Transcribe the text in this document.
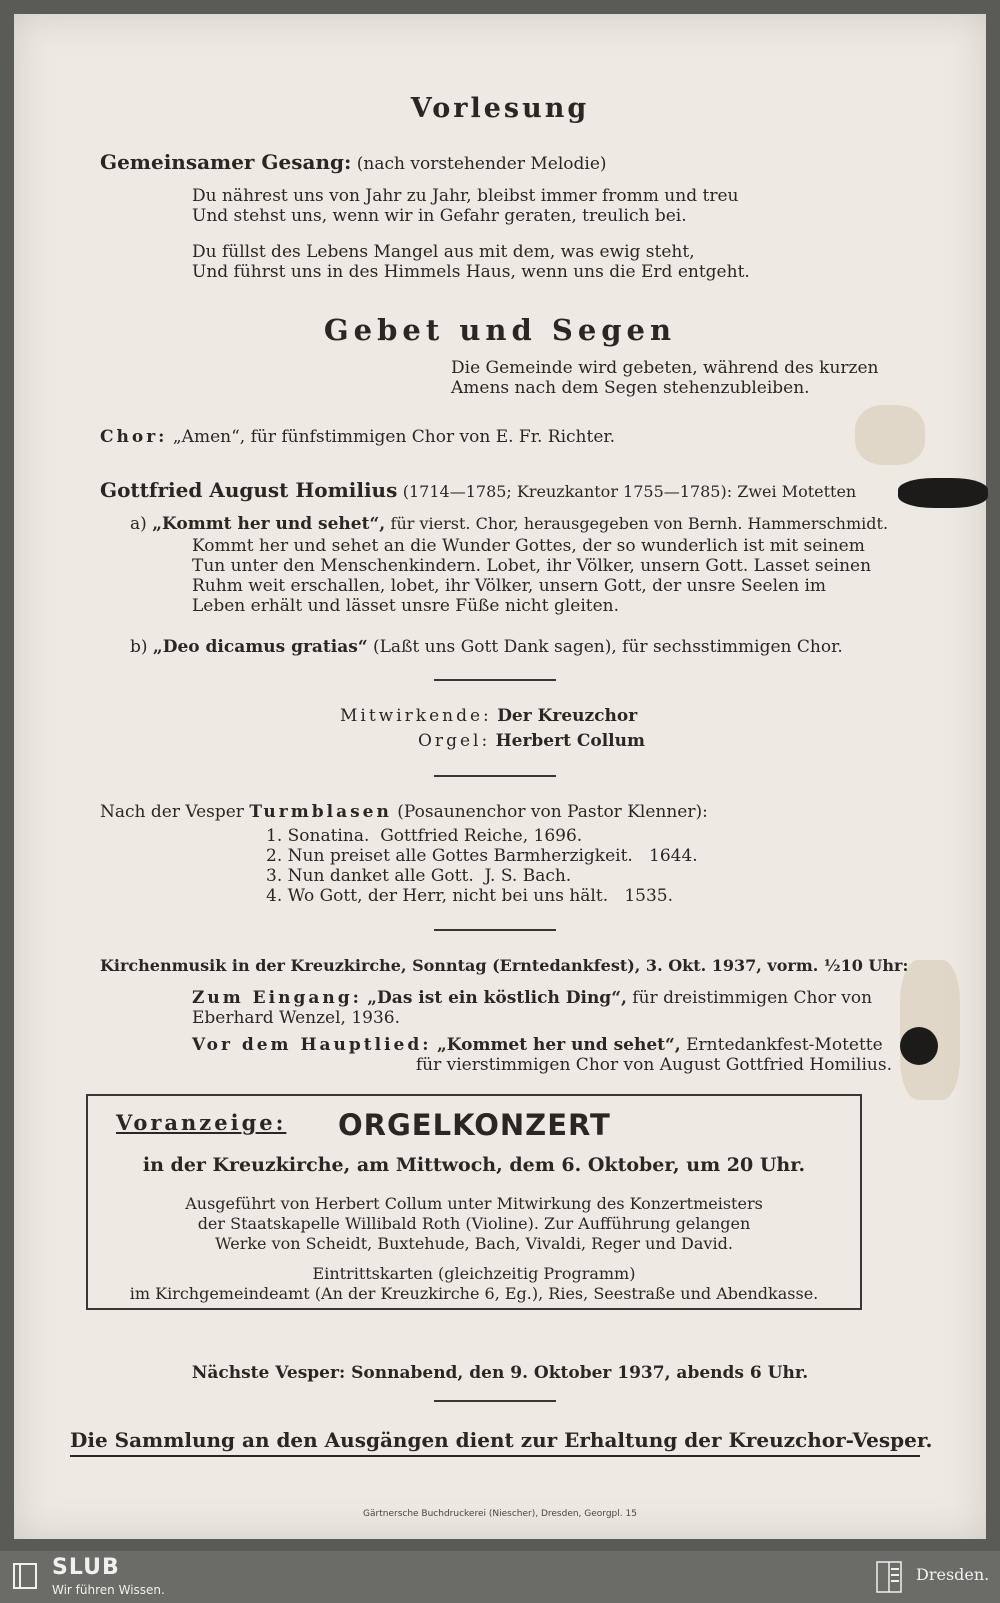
Vorlesung
Gemeinsamer Gesang: (nach vorstehender Melodie)
Du nährest uns von Jahr zu Jahr, bleibst immer fromm und treu
Und stehst uns, wenn wir in Gefahr geraten, treulich bei.
Du füllst des Lebens Mangel aus mit dem, was ewig steht,
Und führst uns in des Himmels Haus, wenn uns die Erd entgeht.
Gebet und Segen
Die Gemeinde wird gebeten, während des kurzen
Amens nach dem Segen stehenzubleiben.
Chor: „Amen“, für fünfstimmigen Chor von E. Fr. Richter.
Gottfried August Homilius (1714—1785; Kreuzkantor 1755—1785): Zwei Motetten
a) „Kommt her und sehet“, für vierst. Chor, herausgegeben von Bernh. Hammerschmidt.
Kommt her und sehet an die Wunder Gottes, der so wunderlich ist mit seinem
Tun unter den Menschenkindern. Lobet, ihr Völker, unsern Gott. Lasset seinen
Ruhm weit erschallen, lobet, ihr Völker, unsern Gott, der unsre Seelen im
Leben erhält und lässet unsre Füße nicht gleiten.
b) „Deo dicamus gratias“ (Laßt uns Gott Dank sagen), für sechsstimmigen Chor.
Mitwirkende: Der Kreuzchor
Orgel: Herbert Collum
Nach der Vesper Turmblasen (Posaunenchor von Pastor Klenner):
1. Sonatina. Gottfried Reiche, 1696.
2. Nun preiset alle Gottes Barmherzigkeit. 1644.
3. Nun danket alle Gott. J. S. Bach.
4. Wo Gott, der Herr, nicht bei uns hält. 1535.
Kirchenmusik in der Kreuzkirche, Sonntag (Erntedankfest), 3. Okt. 1937, vorm. ½10 Uhr:
Zum Eingang: „Das ist ein köstlich Ding“, für dreistimmigen Chor von
Eberhard Wenzel, 1936.
Vor dem Hauptlied: „Kommet her und sehet“, Erntedankfest-Motette
für vierstimmigen Chor von August Gottfried Homilius.
Voranzeige: ORGELKONZERT
in der Kreuzkirche, am Mittwoch, dem 6. Oktober, um 20 Uhr.
Ausgeführt von Herbert Collum unter Mitwirkung des Konzertmeisters
der Staatskapelle Willibald Roth (Violine). Zur Aufführung gelangen
Werke von Scheidt, Buxtehude, Bach, Vivaldi, Reger und David.
Eintrittskarten (gleichzeitig Programm)
im Kirchgemeindeamt (An der Kreuzkirche 6, Eg.), Ries, Seestraße und Abendkasse.
Nächste Vesper: Sonnabend, den 9. Oktober 1937, abends 6 Uhr.
Die Sammlung an den Ausgängen dient zur Erhaltung der Kreuzchor-Vesper.
Gärtnersche Buchdruckerei (Niescher), Dresden, Georgpl. 15
SLUB
Wir führen Wissen.
Dresden.
